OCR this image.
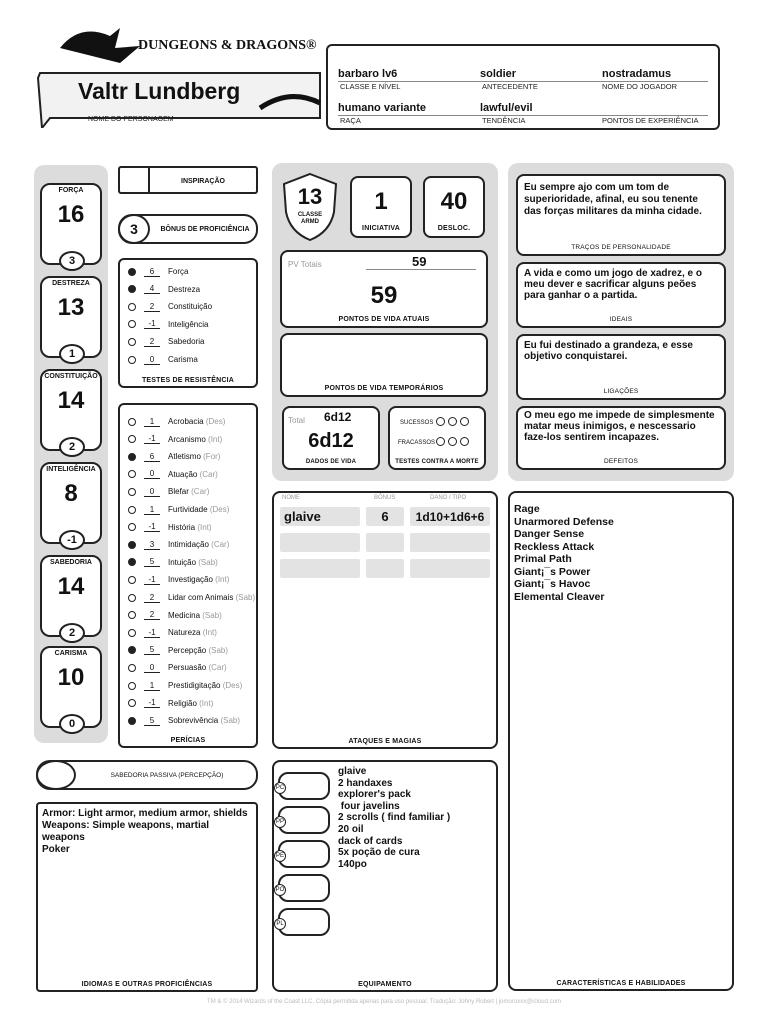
DUNGEONS & DRAGONS®
Valtr Lundberg
NOME DO PERSONAGEM
barbaro lv6
CLASSE E NÍVEL
soldier
ANTECEDENTE
nostradamus
NOME DO JOGADOR
humano variante
RAÇA
lawful/evil
TENDÊNCIA	PONTOS DE EXPERIÊNCIA
FORÇA
16
3
DESTREZA
13
1
CONSTITUIÇÃO
14
2
INTELIGÊNCIA
8
-1
SABEDORIA
14
2
CARISMA
10
0
INSPIRAÇÃO
3	BÔNUS DE PROFICIÊNCIA
TESTES DE RESISTÊNCIA
6	Força
4	Destreza
2	Constituição
-1	Inteligência
2	Sabedoria
0	Carisma
PERÍCIAS
1	Acrobacia
(Des)
-1	Arcanismo
(Int)
6	Atletismo
(For)
0	Atuação
(Car)
0	Blefar
(Car)
1	Furtividade
(Des)
-1	História
(Int)
3	Intimidação
(Car)
5	Intuição
(Sab)
-1	Investigação
(Int)
2	Lidar com Animais
(Sab)
2	Medicina
(Sab)
-1	Natureza
(Int)
5	Percepção
(Sab)
0	Persuasão
(Car)
1	Prestidigitação
(Des)
-1	Religião
(Int)
5	Sobrevivência
(Sab)
13
CLASSE ARMD
1
INICIATIVA
40
DESLOC.
PV Totais	59
59
PONTOS DE VIDA ATUAIS
PONTOS DE VIDA TEMPORÁRIOS
Total 6d12
6d12
DADOS DE VIDA
SUCESSOS
FRACASSOS
TESTES CONTRA A MORTE
Eu sempre ajo com um tom de superioridade, afinal, eu sou tenente das forças militares da minha cidade.
TRAÇOS DE PERSONALIDADE
A vida e como um jogo de xadrez, e o meu dever e sacrificar alguns peões para ganhar o a partida.
IDEAIS
Eu fui destinado a grandeza, e esse objetivo conquistarei.
LIGAÇÕES
O meu ego me impede de simplesmente matar meus inimigos, e nescessario faze-los sentirem incapazes.
DEFEITOS
NOME	BÔNUS	DANO / TIPO
glaive	6	1d10+1d6+6
ATAQUES E MAGIAS
Rage
Unarmored Defense
Danger Sense
Reckless Attack
Primal Path
Giant¡¯s Power
Giant¡¯s Havoc
Elemental Cleaver
CARACTERÍSTICAS E HABILIDADES
SABEDORIA PASSIVA (PERCEPÇÃO)
Armor: Light armor, medium armor, shields
Weapons: Simple weapons, martial
weapons
Poker
IDIOMAS E OUTRAS PROFICIÊNCIAS
PC
PP
PE
PO
PL
glaive
2 handaxes
explorer's pack
four javelins
2 scrolls ( find familiar )
20 oil
dack of cards
5x poção de cura
140po
EQUIPAMENTO
TM & © 2014 Wizards of the Coast LLC. Cópia permitida apenas para uso pessoal. Tradução: Johny Robert | jomoroxxx@icloud.com
